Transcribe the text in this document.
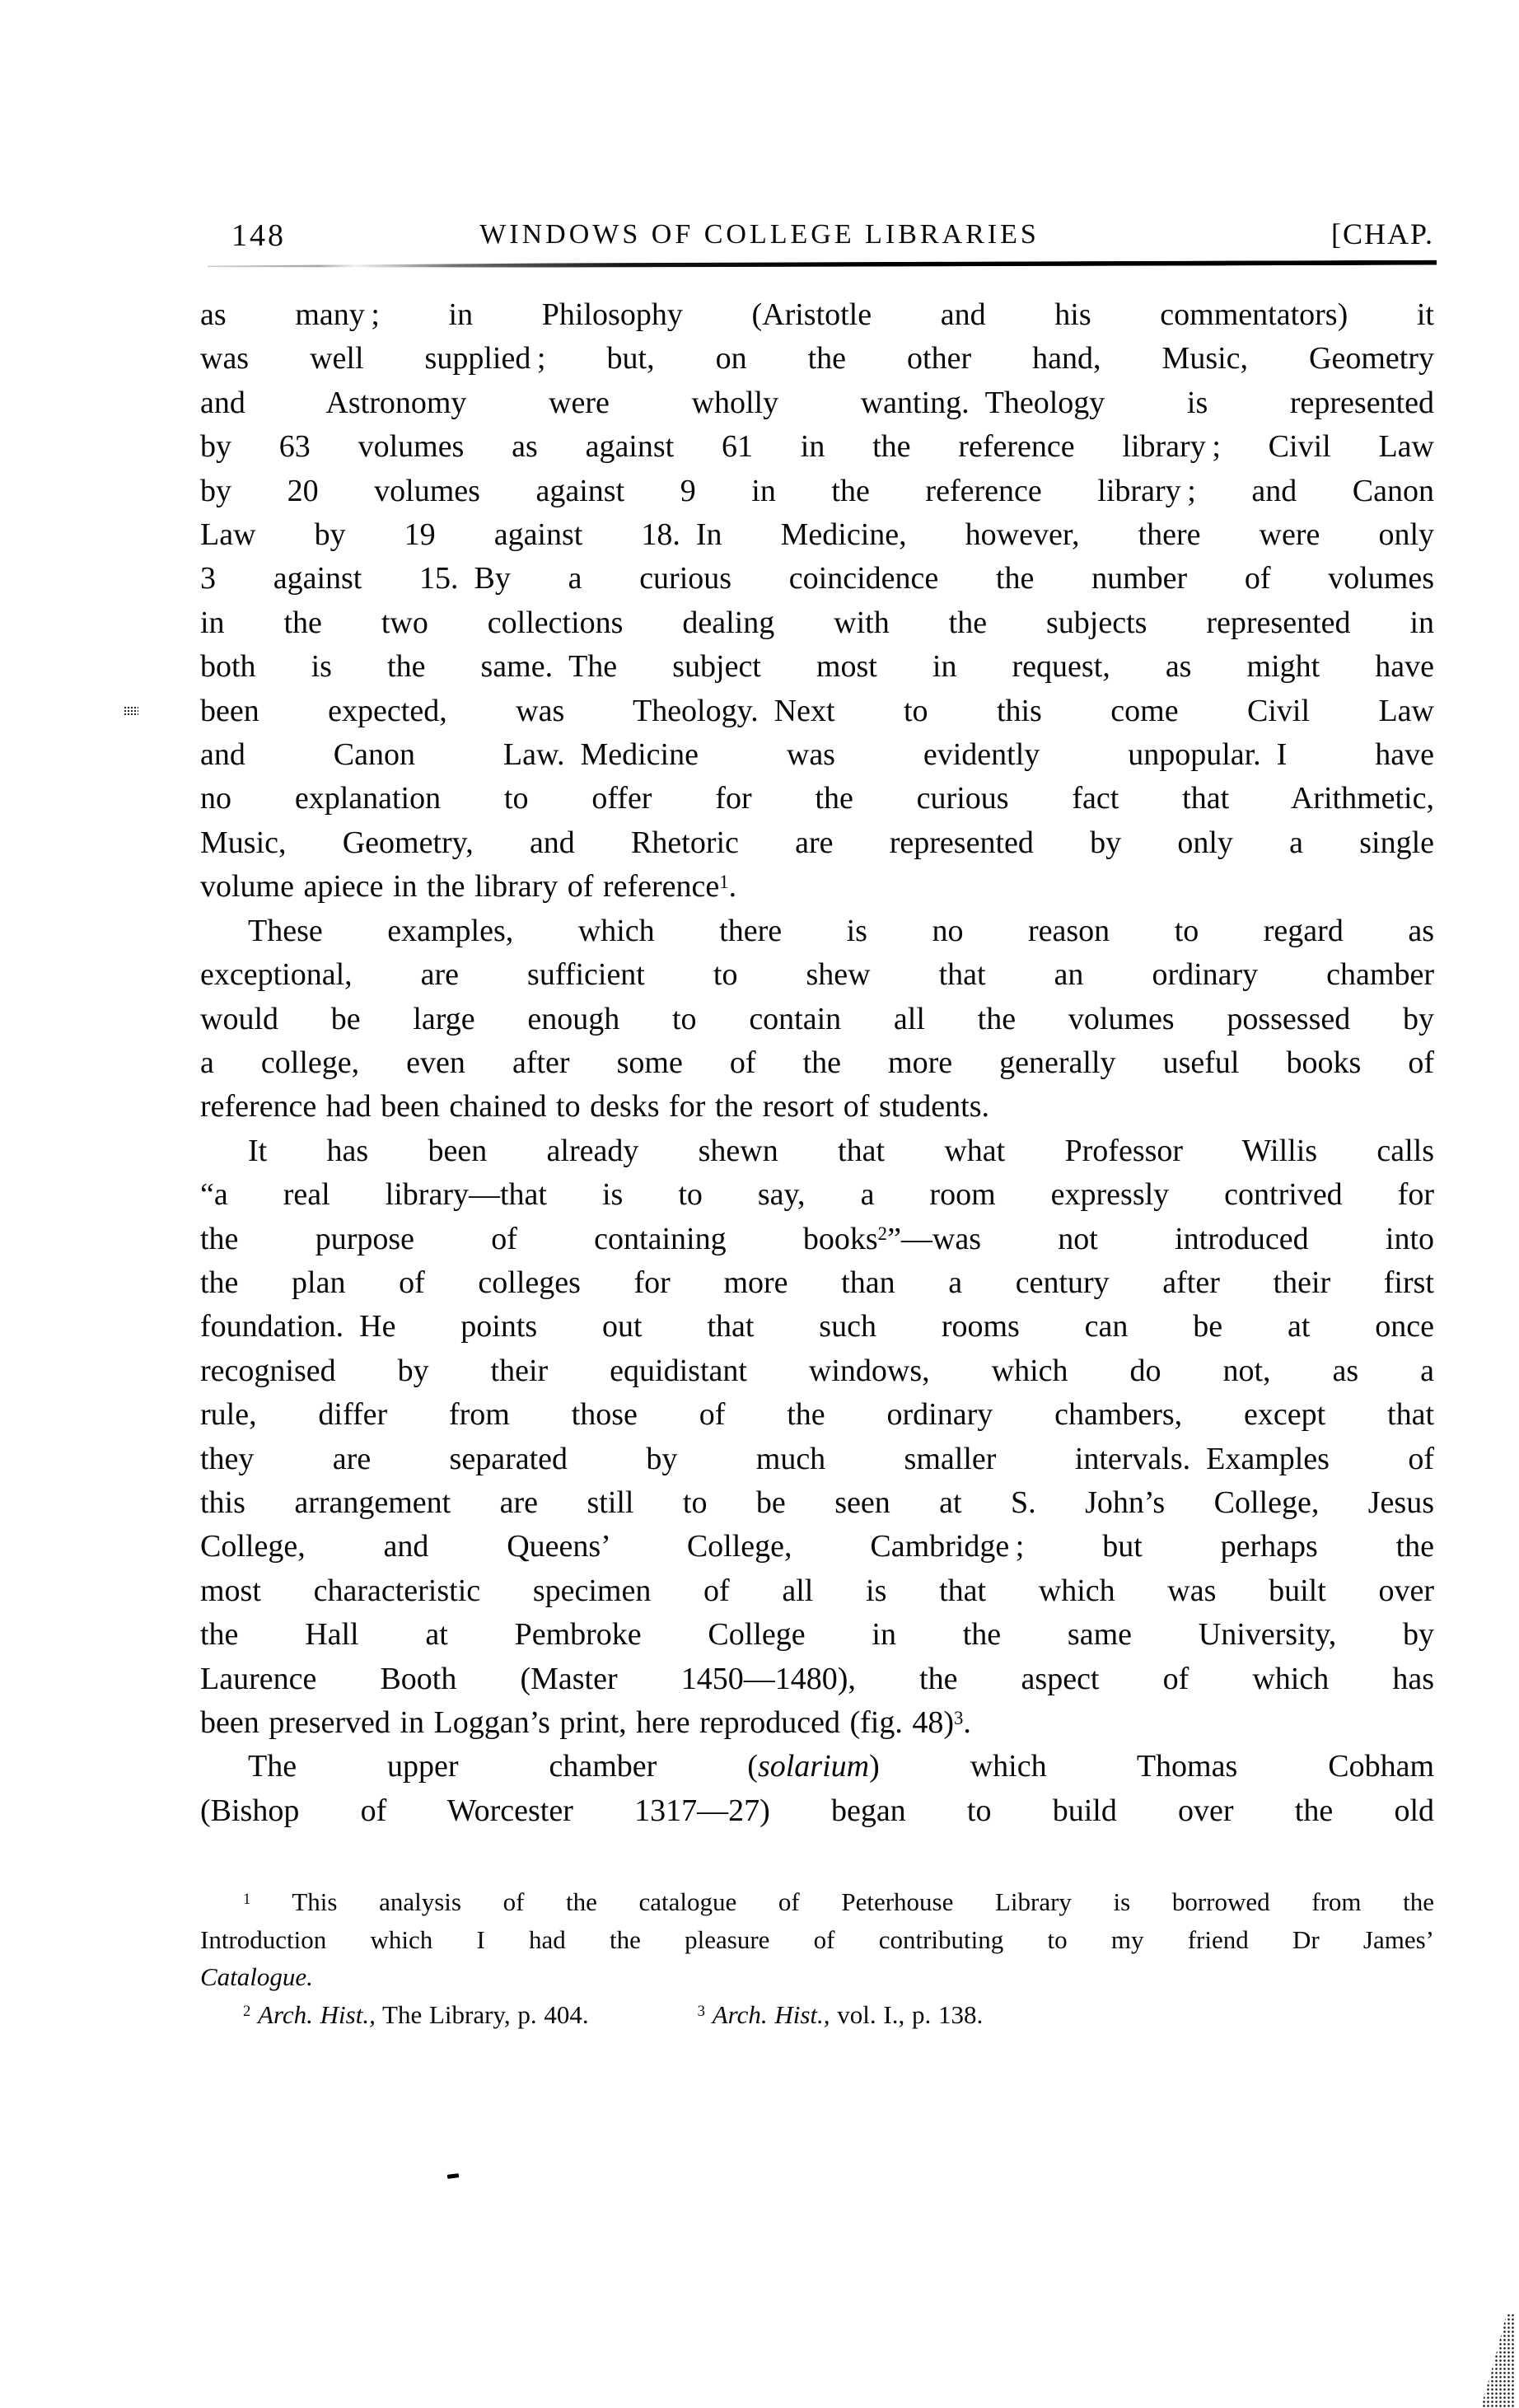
148	WINDOWS OF COLLEGE LIBRARIES	[CHAP.
as many ; in Philosophy (Aristotle and his commentators) it
was well supplied ; but, on the other hand, Music, Geometry
and Astronomy were wholly wanting. Theology is represented
by 63 volumes as against 61 in the reference library ; Civil Law
by 20 volumes against 9 in the reference library ; and Canon
Law by 19 against 18. In Medicine, however, there were only
3 against 15. By a curious coincidence the number of volumes
in the two collections dealing with the subjects represented in
both is the same. The subject most in request, as might have
been expected, was Theology. Next to this come Civil Law
and Canon Law. Medicine was evidently unpopular. I have
no explanation to offer for the curious fact that Arithmetic,
Music, Geometry, and Rhetoric are represented by only a single
volume apiece in the library of reference$^1$.
These examples, which there is no reason to regard as
exceptional, are sufficient to shew that an ordinary chamber
would be large enough to contain all the volumes possessed by
a college, even after some of the more generally useful books of
reference had been chained to desks for the resort of students.
It has been already shewn that what Professor Willis calls
“a real library—that is to say, a room expressly contrived for
the purpose of containing books$^2$”—was not introduced into
the plan of colleges for more than a century after their first
foundation. He points out that such rooms can be at once
recognised by their equidistant windows, which do not, as a
rule, differ from those of the ordinary chambers, except that
they are separated by much smaller intervals. Examples of
this arrangement are still to be seen at S. John’s College, Jesus
College, and Queens’ College, Cambridge ; but perhaps the
most characteristic specimen of all is that which was built over
the Hall at Pembroke College in the same University, by
Laurence Booth (Master 1450—1480), the aspect of which has
been preserved in Loggan’s print, here reproduced (fig. 48)$^3$.
The upper chamber (solarium) which Thomas Cobham
(Bishop of Worcester 1317—27) began to build over the old
$^1$ This analysis of the catalogue of Peterhouse Library is borrowed from the
Introduction which I had the pleasure of contributing to my friend Dr James’
Catalogue.
$^2$ Arch. Hist., The Library, p. 404.	$^3$ Arch. Hist., vol. I., p. 138.
